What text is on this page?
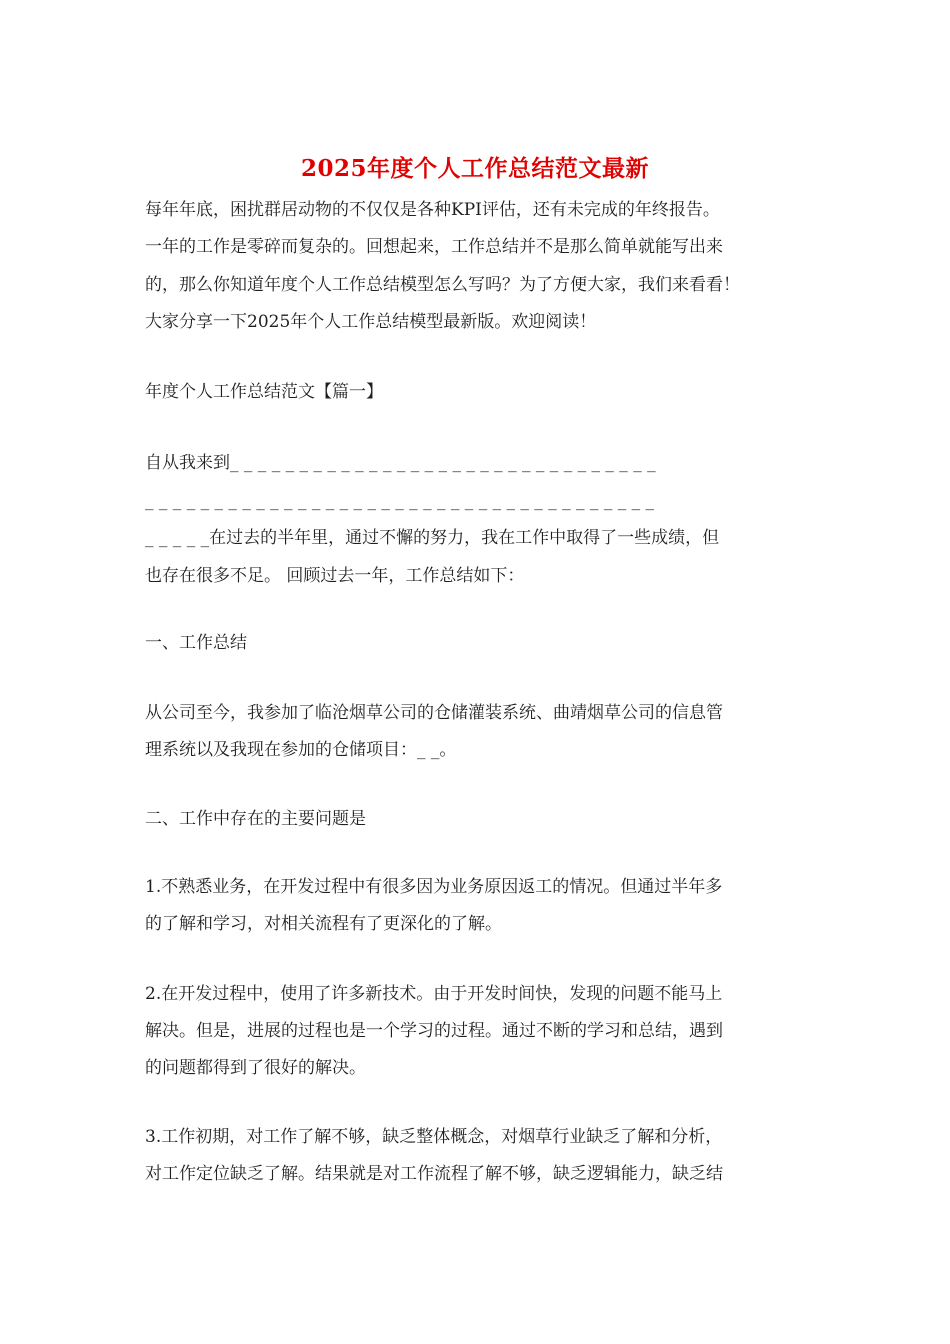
2025年度个人工作总结范文最新
每年年底，困扰群居动物的不仅仅是各种KPI评估，还有未完成的年终报告。
一年的工作是零碎而复杂的。回想起来，工作总结并不是那么简单就能写出来
的，那么你知道年度个人工作总结模型怎么写吗？为了方便大家，我们来看看！
大家分享一下2025年个人工作总结模型最新版。欢迎阅读！
年度个人工作总结范文【篇一】
自从我来到_ _ _ _ _ _ _ _ _ _ _ _ _ _ _ _ _ _ _ _ _ _ _ _ _ _ _ _ _ _ _
_ _ _ _ _ _ _ _ _ _ _ _ _ _ _ _ _ _ _ _ _ _ _ _ _ _ _ _ _ _ _ _ _ _ _ _ _
_ _ _ _ _在过去的半年里，通过不懈的努力，我在工作中取得了一些成绩，但
也存在很多不足。 回顾过去一年，工作总结如下：
一、工作总结
从公司至今，我参加了临沧烟草公司的仓储灌装系统、曲靖烟草公司的信息管
理系统以及我现在参加的仓储项目：_ _。
二、工作中存在的主要问题是
1.不熟悉业务，在开发过程中有很多因为业务原因返工的情况。但通过半年多
的了解和学习，对相关流程有了更深化的了解。
2.在开发过程中，使用了许多新技术。由于开发时间快，发现的问题不能马上
解决。但是，进展的过程也是一个学习的过程。通过不断的学习和总结，遇到
的问题都得到了很好的解决。
3.工作初期，对工作了解不够，缺乏整体概念，对烟草行业缺乏了解和分析，
对工作定位缺乏了解。结果就是对工作流程了解不够，缺乏逻辑能力，缺乏结
